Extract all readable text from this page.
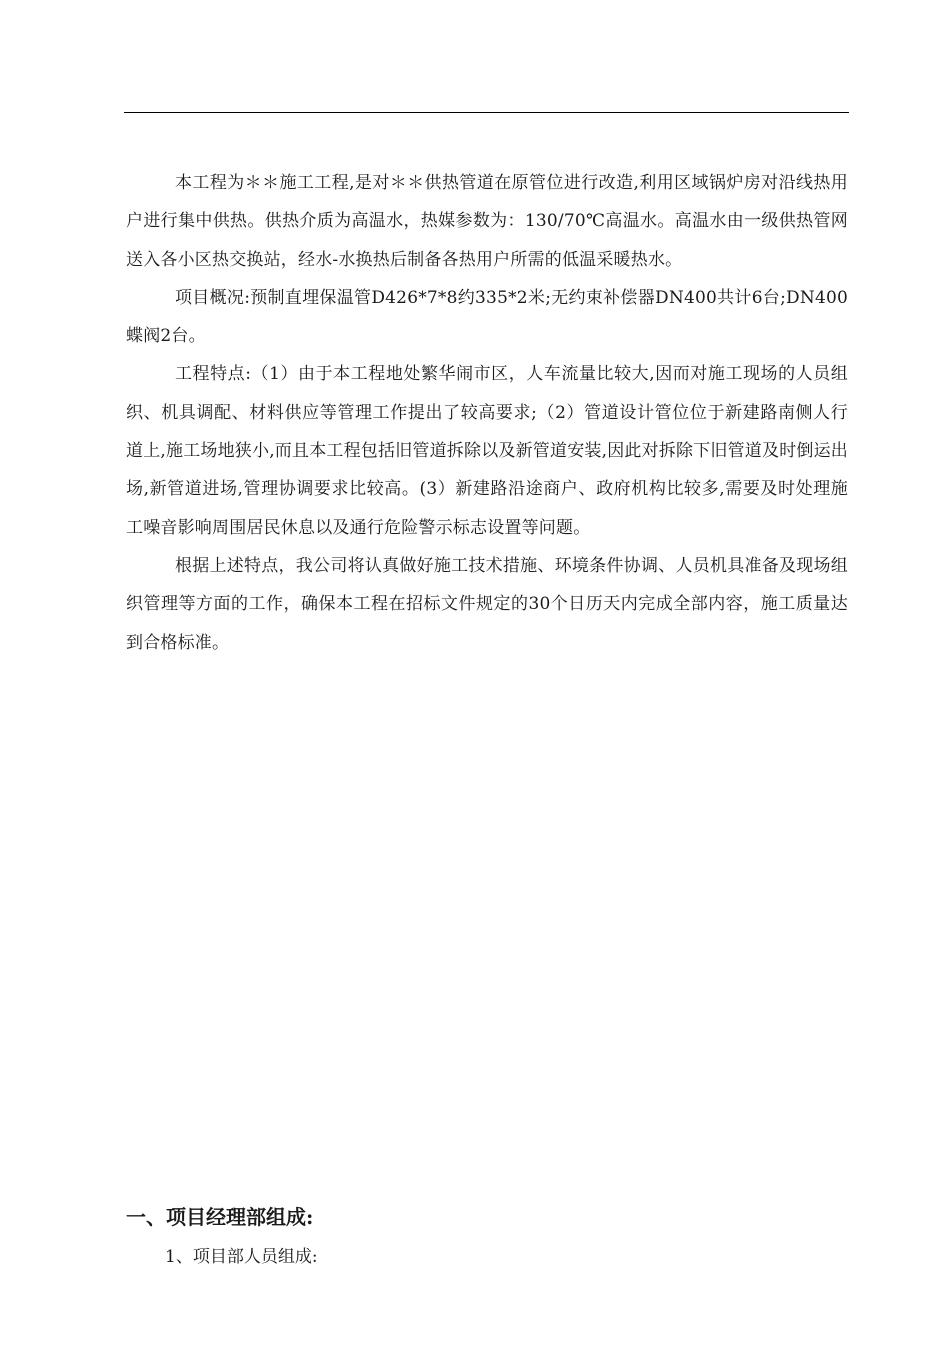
本工程为＊＊施工工程,是对＊＊供热管道在原管位进行改造,利用区域锅炉房对沿线热用户进行集中供热。供热介质为高温水，热媒参数为：130/70℃高温水。高温水由一级供热管网送入各小区热交换站，经水-水换热后制备各热用户所需的低温采暖热水。

项目概况:预制直埋保温管D426*7*8约335*2米;无约束补偿器DN400共计6台;DN400蝶阀2台。

工程特点:（1）由于本工程地处繁华闹市区，人车流量比较大,因而对施工现场的人员组织、机具调配、材料供应等管理工作提出了较高要求;（2）管道设计管位位于新建路南侧人行道上,施工场地狭小,而且本工程包括旧管道拆除以及新管道安装,因此对拆除下旧管道及时倒运出场,新管道进场,管理协调要求比较高。(3）新建路沿途商户、政府机构比较多,需要及时处理施工噪音影响周围居民休息以及通行危险警示标志设置等问题。

根据上述特点，我公司将认真做好施工技术措施、环境条件协调、人员机具准备及现场组织管理等方面的工作，确保本工程在招标文件规定的30个日历天内完成全部内容，施工质量达到合格标准。

一、项目经理部组成:

1、项目部人员组成:
